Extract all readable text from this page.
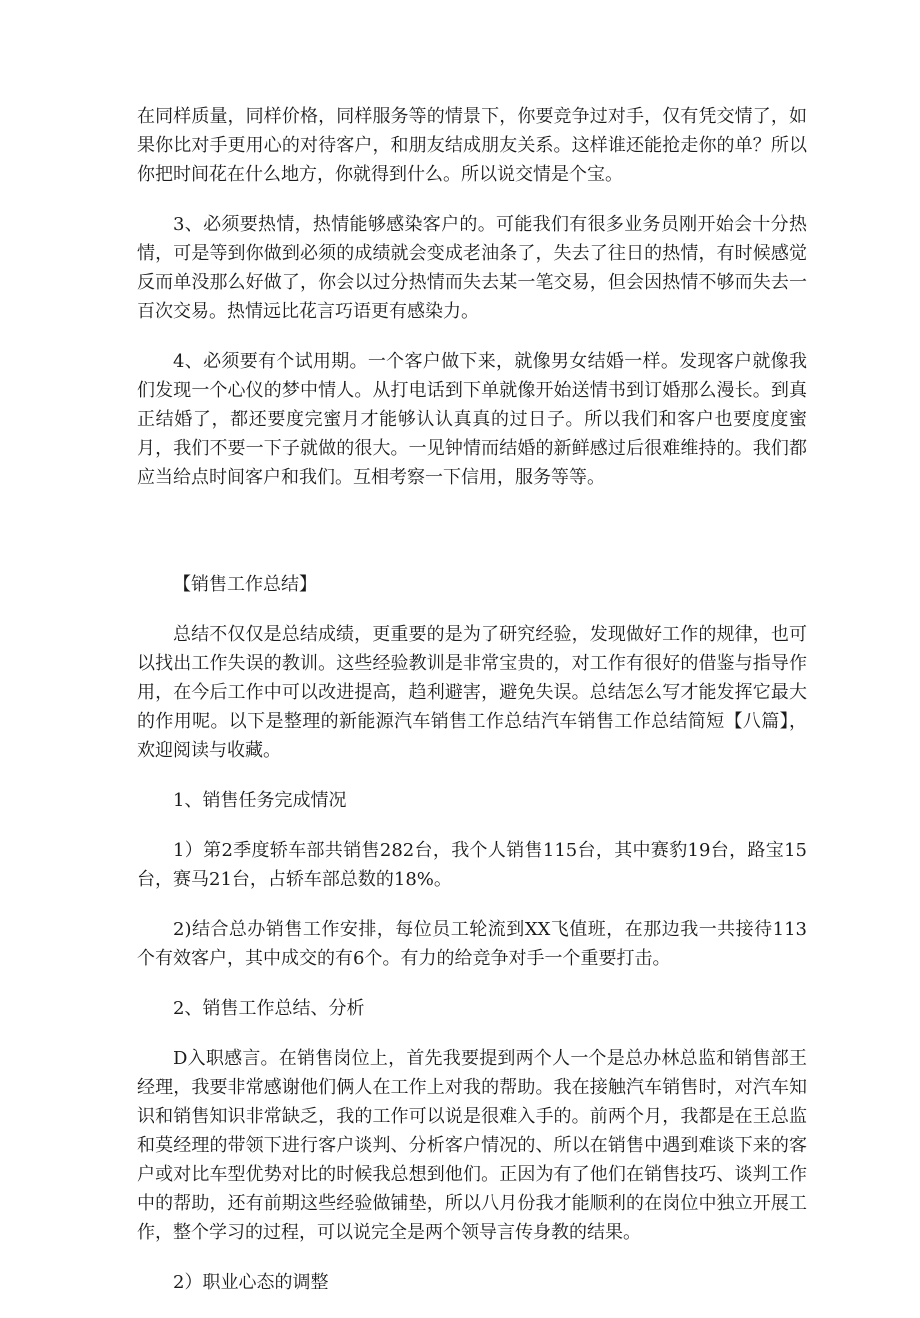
在同样质量，同样价格，同样服务等的情景下，你要竞争过对手，仅有凭交情了，如果你比对手更用心的对待客户，和朋友结成朋友关系。这样谁还能抢走你的单？所以你把时间花在什么地方，你就得到什么。所以说交情是个宝。

3、必须要热情，热情能够感染客户的。可能我们有很多业务员刚开始会十分热情，可是等到你做到必须的成绩就会变成老油条了，失去了往日的热情，有时候感觉反而单没那么好做了，你会以过分热情而失去某一笔交易，但会因热情不够而失去一百次交易。热情远比花言巧语更有感染力。

4、必须要有个试用期。一个客户做下来，就像男女结婚一样。发现客户就像我们发现一个心仪的梦中情人。从打电话到下单就像开始送情书到订婚那么漫长。到真正结婚了，都还要度完蜜月才能够认认真真的过日子。所以我们和客户也要度度蜜月，我们不要一下子就做的很大。一见钟情而结婚的新鲜感过后很难维持的。我们都应当给点时间客户和我们。互相考察一下信用，服务等等。

【销售工作总结】

总结不仅仅是总结成绩，更重要的是为了研究经验，发现做好工作的规律，也可以找出工作失误的教训。这些经验教训是非常宝贵的，对工作有很好的借鉴与指导作用，在今后工作中可以改进提高，趋利避害，避免失误。总结怎么写才能发挥它最大的作用呢。以下是整理的新能源汽车销售工作总结汽车销售工作总结简短【八篇】，欢迎阅读与收藏。

1、销售任务完成情况

1）第2季度轿车部共销售282台，我个人销售115台，其中赛豹19台，路宝15台，赛马21台，占轿车部总数的18%。

2)结合总办销售工作安排，每位员工轮流到XX飞值班，在那边我一共接待113个有效客户，其中成交的有6个。有力的给竞争对手一个重要打击。

2、销售工作总结、分析

D入职感言。在销售岗位上，首先我要提到两个人一个是总办林总监和销售部王经理，我要非常感谢他们俩人在工作上对我的帮助。我在接触汽车销售时，对汽车知识和销售知识非常缺乏，我的工作可以说是很难入手的。前两个月，我都是在王总监和莫经理的带领下进行客户谈判、分析客户情况的、所以在销售中遇到难谈下来的客户或对比车型优势对比的时候我总想到他们。正因为有了他们在销售技巧、谈判工作中的帮助，还有前期这些经验做铺垫，所以八月份我才能顺利的在岗位中独立开展工作，整个学习的过程，可以说完全是两个领导言传身教的结果。

2）职业心态的调整
